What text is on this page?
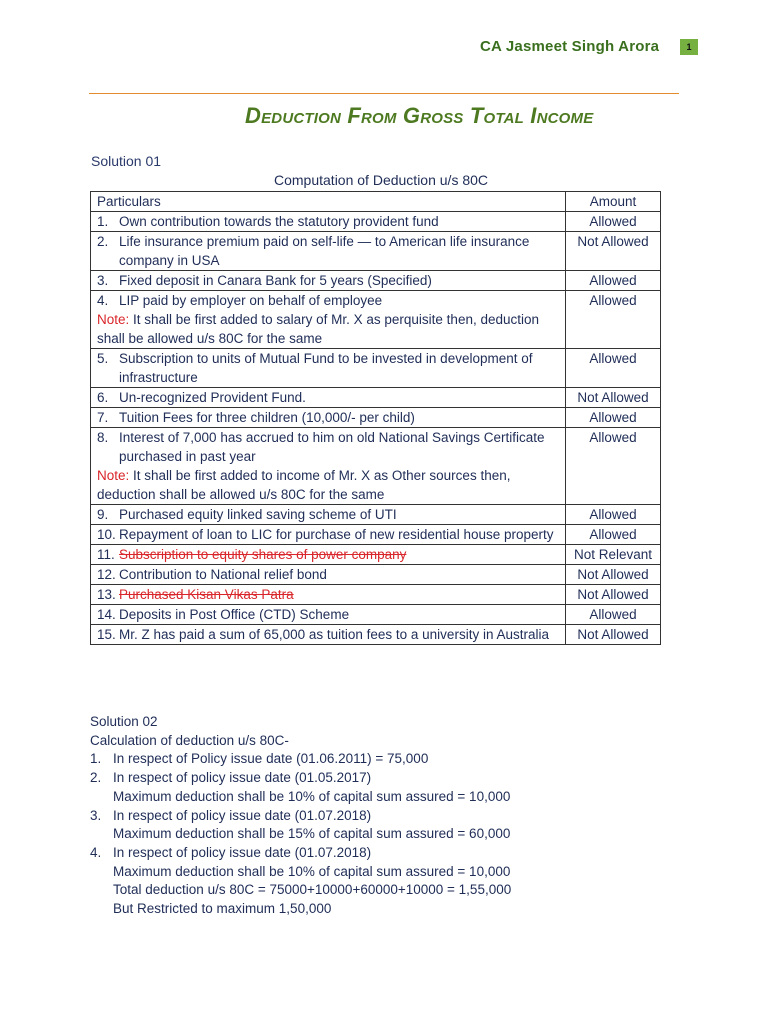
CA Jasmeet Singh Arora	1
Deduction From Gross Total Income
Solution 01
Computation of Deduction u/s 80C
Particulars	Amount

1. Own contribution towards the statutory provident fund	Allowed

2. Life insurance premium paid on self-life — to American life insurance company in USA	Not Allowed

3. Fixed deposit in Canara Bank for 5 years (Specified)	Allowed

4. LIP paid by employer on behalf of employee
Note: It shall be first added to salary of Mr. X as perquisite then, deduction shall be allowed u/s 80C for the same	Allowed

5. Subscription to units of Mutual Fund to be invested in development of infrastructure	Allowed

6. Un-recognized Provident Fund.	Not Allowed

7. Tuition Fees for three children (10,000/- per child)	Allowed

8. Interest of 7,000 has accrued to him on old National Savings Certificate purchased in past year
Note: It shall be first added to income of Mr. X as Other sources then, deduction shall be allowed u/s 80C for the same	Allowed

9. Purchased equity linked saving scheme of UTI	Allowed

10. Repayment of loan to LIC for purchase of new residential house property	Allowed

11. Subscription to equity shares of power company	Not Relevant

12. Contribution to National relief bond	Not Allowed

13. Purchased Kisan Vikas Patra	Not Allowed

14. Deposits in Post Office (CTD) Scheme	Allowed

15. Mr. Z has paid a sum of 65,000 as tuition fees to a university in Australia	Not Allowed
Solution 02
Calculation of deduction u/s 80C-
1. In respect of Policy issue date (01.06.2011) = 75,000
2. In respect of policy issue date (01.05.2017)
Maximum deduction shall be 10% of capital sum assured = 10,000
3. In respect of policy issue date (01.07.2018)
Maximum deduction shall be 15% of capital sum assured = 60,000
4. In respect of policy issue date (01.07.2018)
Maximum deduction shall be 10% of capital sum assured = 10,000
Total deduction u/s 80C = 75000+10000+60000+10000 = 1,55,000
But Restricted to maximum 1,50,000
